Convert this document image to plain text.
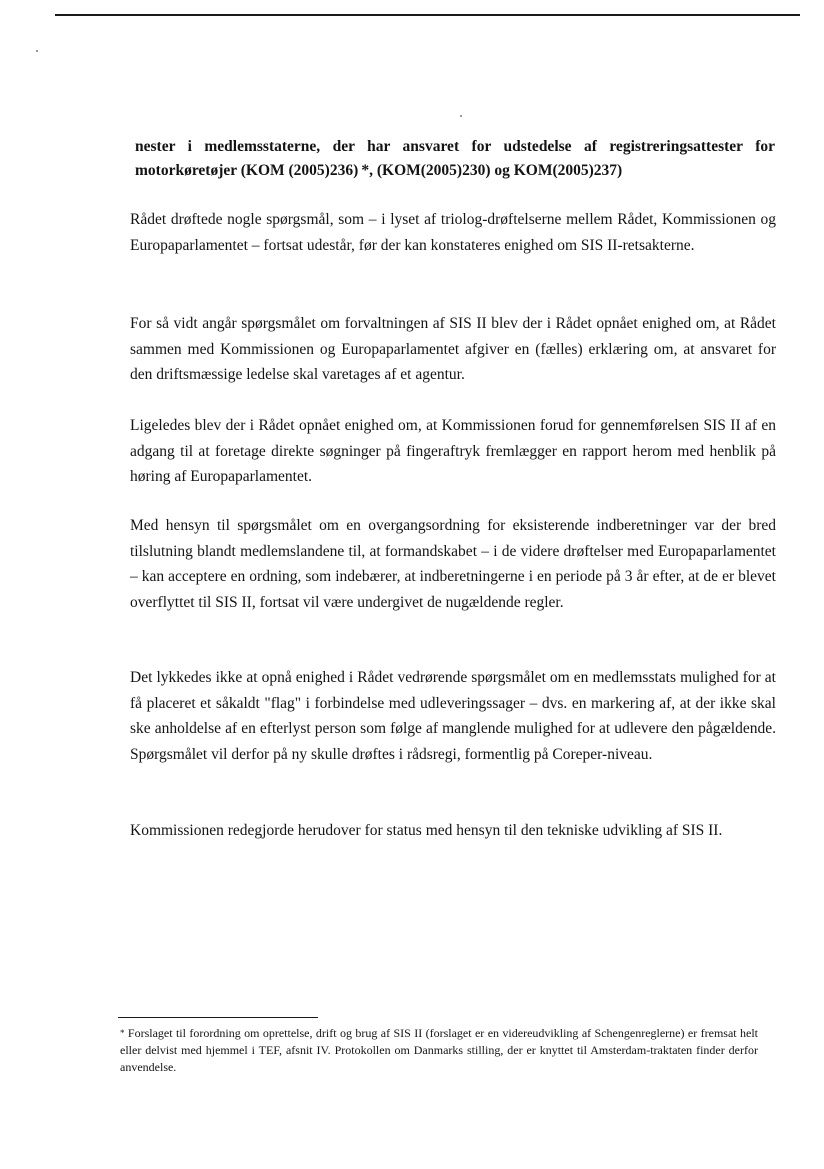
nester i medlemsstaterne, der har ansvaret for udstedelse af registreringsattester for motorkøretøjer (KOM (2005)236) *, (KOM(2005)230) og KOM(2005)237)

Rådet drøftede nogle spørgsmål, som – i lyset af triolog-drøftelserne mellem Rådet, Kommissionen og Europaparlamentet – fortsat udestår, før der kan konstateres enighed om SIS II-retsakterne.

For så vidt angår spørgsmålet om forvaltningen af SIS II blev der i Rådet opnået enighed om, at Rådet sammen med Kommissionen og Europaparlamentet afgiver en (fælles) erklæring om, at ansvaret for den driftsmæssige ledelse skal varetages af et agentur.

Ligeledes blev der i Rådet opnået enighed om, at Kommissionen forud for gennemførelsen SIS II af en adgang til at foretage direkte søgninger på fingeraftryk fremlægger en rapport herom med henblik på høring af Europaparlamentet.

Med hensyn til spørgsmålet om en overgangsordning for eksisterende indberetninger var der bred tilslutning blandt medlemslandene til, at formandskabet – i de videre drøftelser med Europaparlamentet – kan acceptere en ordning, som indebærer, at indberetningerne i en periode på 3 år efter, at de er blevet overflyttet til SIS II, fortsat vil være undergivet de nugældende regler.

Det lykkedes ikke at opnå enighed i Rådet vedrørende spørgsmålet om en medlemsstats mulighed for at få placeret et såkaldt "flag" i forbindelse med udleveringssager – dvs. en markering af, at der ikke skal ske anholdelse af en efterlyst person som følge af manglende mulighed for at udlevere den pågældende. Spørgsmålet vil derfor på ny skulle drøftes i rådsregi, formentlig på Coreper-niveau.

Kommissionen redegjorde herudover for status med hensyn til den tekniske udvikling af SIS II.

* Forslaget til forordning om oprettelse, drift og brug af SIS II (forslaget er en videreudvikling af Schengenreglerne) er fremsat helt eller delvist med hjemmel i TEF, afsnit IV. Protokollen om Danmarks stilling, der er knyttet til Amsterdam-traktaten finder derfor anvendelse.
